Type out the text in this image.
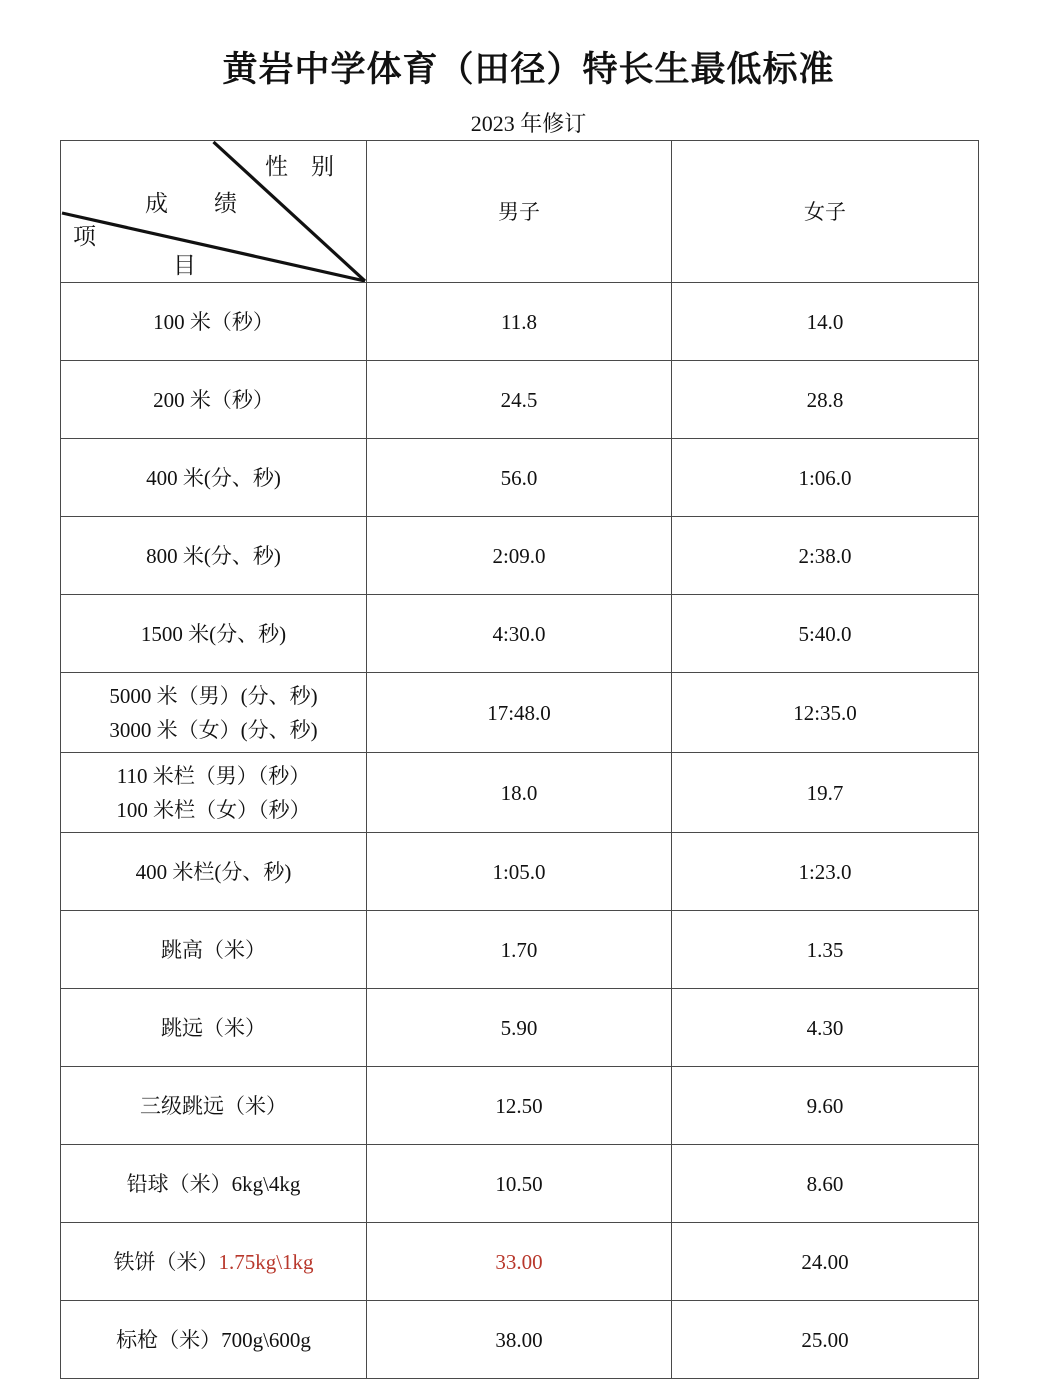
黄岩中学体育（田径）特长生最低标准
2023 年修订
性　别
成　　绩
项
目	男子	女子
100 米（秒）	11.8	14.0
200 米（秒）	24.5	28.8
400 米(分、秒)	56.0	1:06.0
800 米(分、秒)	2:09.0	2:38.0
1500 米(分、秒)	4:30.0	5:40.0

5000 米（男）(分、秒)
3000 米（女）(分、秒)	17:48.0	12:35.0

110 米栏（男）（秒）
100 米栏（女）（秒）	18.0	19.7
400 米栏(分、秒)	1:05.0	1:23.0
跳高（米）	1.70	1.35
跳远（米）	5.90	4.30
三级跳远（米）	12.50	9.60
铅球（米）6kg\4kg	10.50	8.60
铁饼（米）1.75kg\1kg	33.00	24.00
标枪（米）700g\600g	38.00	25.00
